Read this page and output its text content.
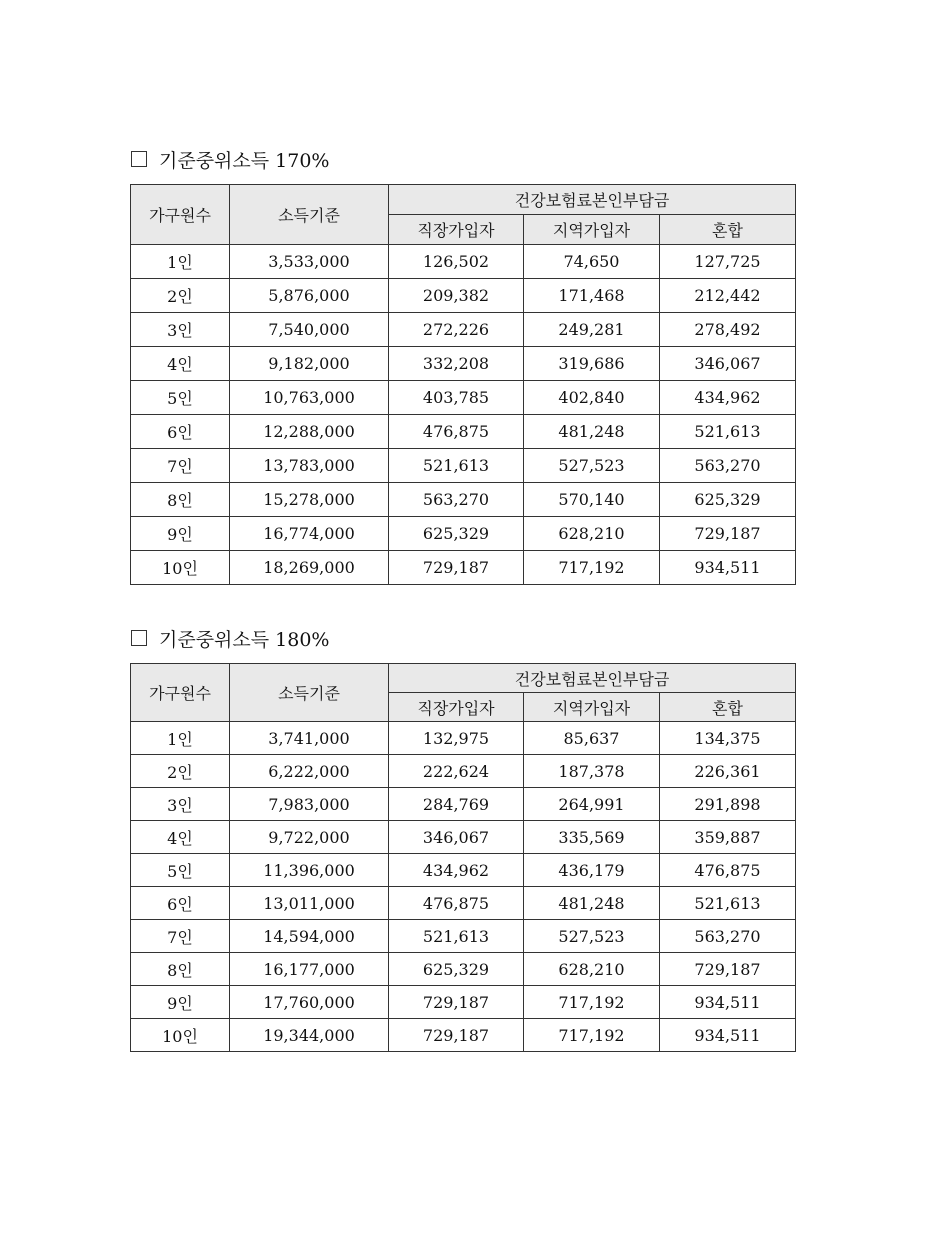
기준중위소득 170%
가구원수	소득기준	건강보험료본인부담금		
		직장가입자	지역가입자	혼합
1인	3,533,000	126,502	74,650	127,725
2인	5,876,000	209,382	171,468	212,442
3인	7,540,000	272,226	249,281	278,492
4인	9,182,000	332,208	319,686	346,067
5인	10,763,000	403,785	402,840	434,962
6인	12,288,000	476,875	481,248	521,613
7인	13,783,000	521,613	527,523	563,270
8인	15,278,000	563,270	570,140	625,329
9인	16,774,000	625,329	628,210	729,187
10인	18,269,000	729,187	717,192	934,511
기준중위소득 180%
가구원수	소득기준	건강보험료본인부담금		
		직장가입자	지역가입자	혼합
1인	3,741,000	132,975	85,637	134,375
2인	6,222,000	222,624	187,378	226,361
3인	7,983,000	284,769	264,991	291,898
4인	9,722,000	346,067	335,569	359,887
5인	11,396,000	434,962	436,179	476,875
6인	13,011,000	476,875	481,248	521,613
7인	14,594,000	521,613	527,523	563,270
8인	16,177,000	625,329	628,210	729,187
9인	17,760,000	729,187	717,192	934,511
10인	19,344,000	729,187	717,192	934,511
